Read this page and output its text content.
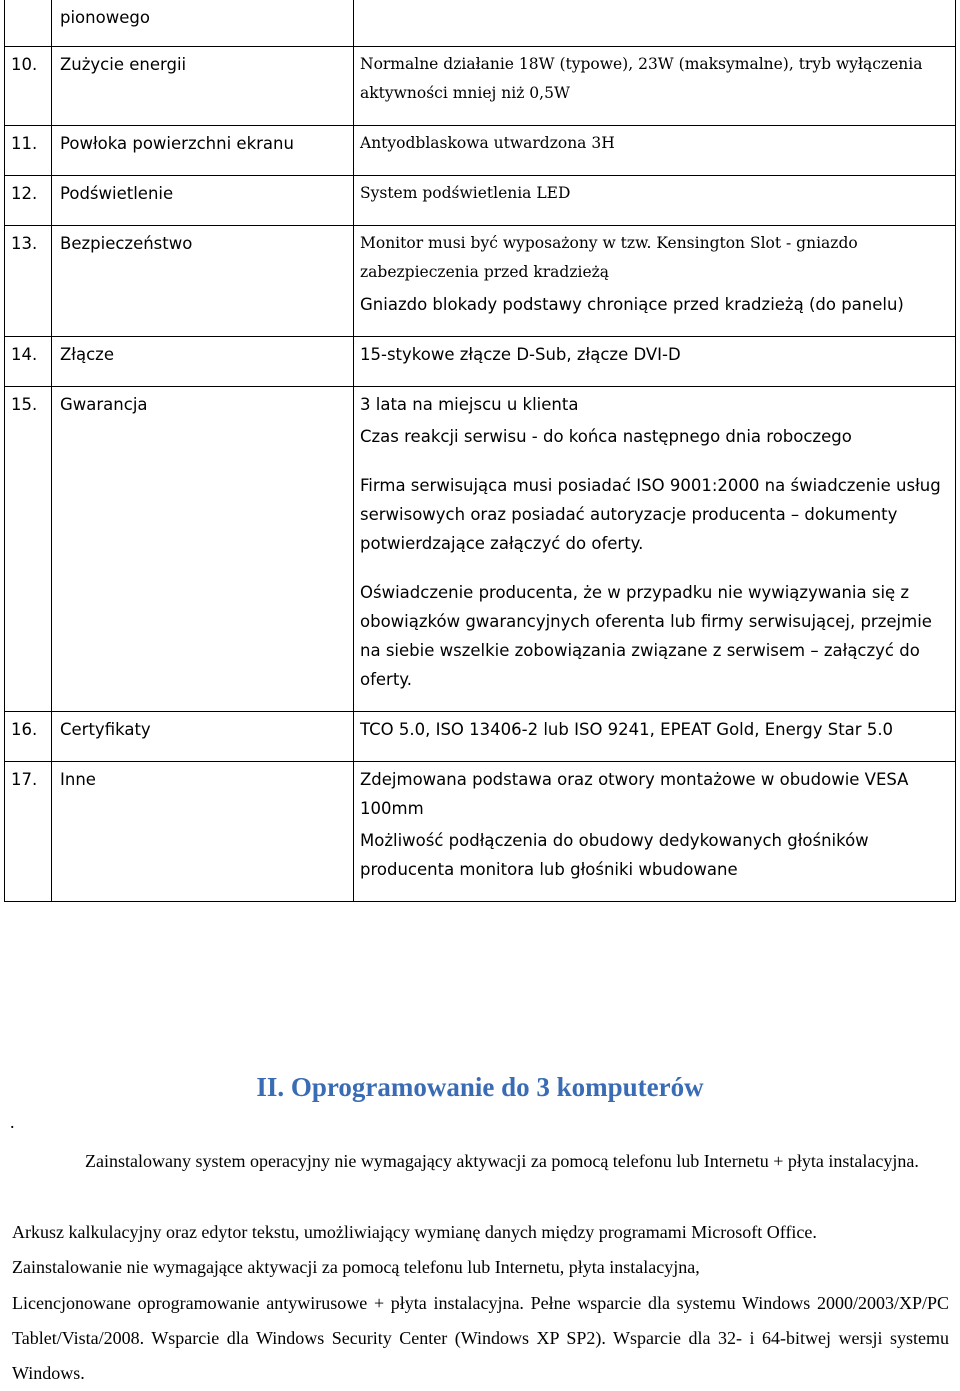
	pionowego	
10.	Zużycie energii	Normalne działanie 18W (typowe), 23W (maksymalne), tryb wyłączenia aktywności mniej niż 0,5W

11.	Powłoka powierzchni ekranu	Antyodblaskowa utwardzona 3H

12.	Podświetlenie	System podświetlenia LED

13.	Bezpieczeństwo	Monitor musi być wyposażony w tzw. Kensington Slot - gniazdo zabezpieczenia przed kradzieżą
Gniazdo blokady podstawy chroniące przed kradzieżą (do panelu)

14.	Złącze	15-stykowe złącze D-Sub, złącze DVI-D

15.	Gwarancja	3 lata na miejscu u klienta
Czas reakcji serwisu - do końca następnego dnia roboczego
Firma serwisująca musi posiadać ISO 9001:2000 na świadczenie usług serwisowych oraz posiadać autoryzacje producenta – dokumenty potwierdzające załączyć do oferty.
Oświadczenie producenta, że w przypadku nie wywiązywania się z obowiązków gwarancyjnych oferenta lub firmy serwisującej, przejmie na siebie wszelkie zobowiązania związane z serwisem – załączyć do oferty.

16.	Certyfikaty	TCO 5.0, ISO 13406-2 lub ISO 9241, EPEAT Gold, Energy Star 5.0

17.	Inne	Zdejmowana podstawa oraz otwory montażowe w obudowie VESA 100mm
Możliwość podłączenia do obudowy dedykowanych głośników producenta monitora lub głośniki wbudowane
.
II. Oprogramowanie do 3 komputerów
Zainstalowany system operacyjny nie wymagający aktywacji za pomocą telefonu lub Internetu + płyta instalacyjna.
Arkusz kalkulacyjny oraz edytor tekstu, umożliwiający wymianę danych między programami Microsoft Office.
Zainstalowanie nie wymagające aktywacji za pomocą telefonu lub Internetu, płyta instalacyjna,
Licencjonowane oprogramowanie antywirusowe + płyta instalacyjna. Pełne wsparcie dla systemu Windows 2000/2003/XP/PC Tablet/Vista/2008. Wsparcie dla Windows Security Center (Windows XP SP2). Wsparcie dla 32- i 64-bitwej wersji systemu Windows.
